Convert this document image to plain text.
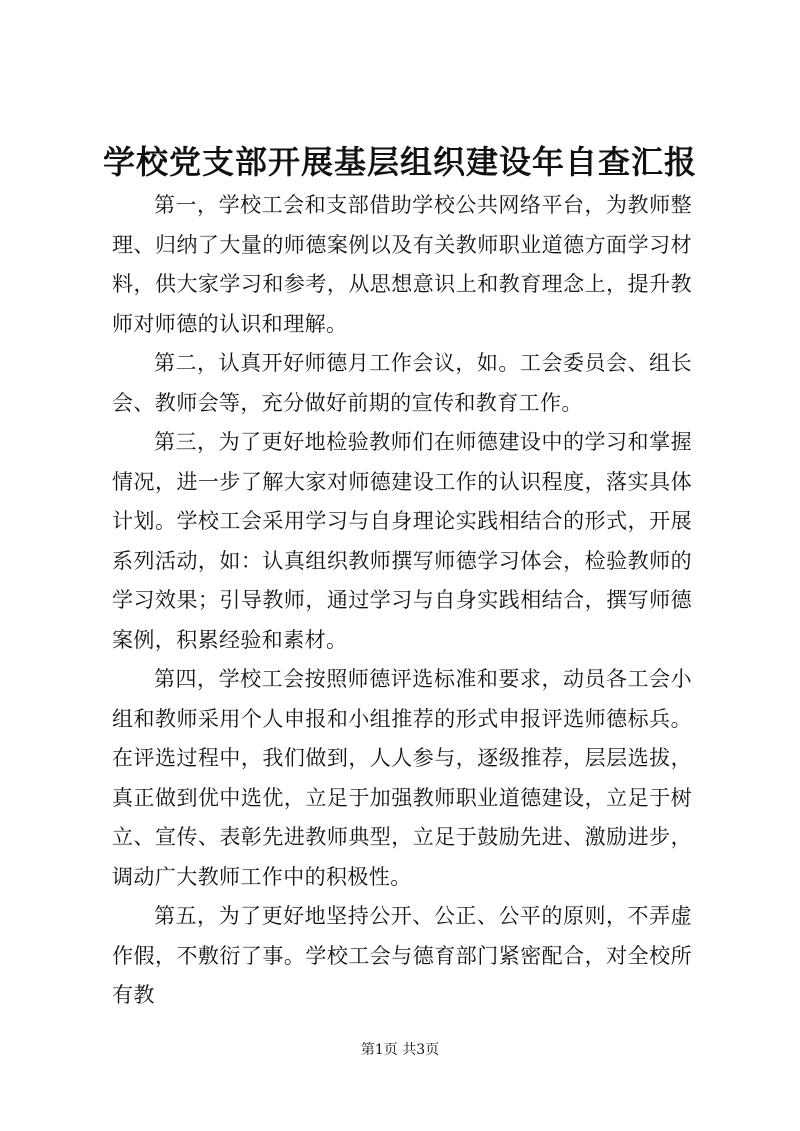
学校党支部开展基层组织建设年自查汇报

第一，学校工会和支部借助学校公共网络平台，为教师整理、归纳了大量的师德案例以及有关教师职业道德方面学习材料，供大家学习和参考，从思想意识上和教育理念上，提升教师对师德的认识和理解。

第二，认真开好师德月工作会议，如。工会委员会、组长会、教师会等，充分做好前期的宣传和教育工作。

第三，为了更好地检验教师们在师德建设中的学习和掌握情况，进一步了解大家对师德建设工作的认识程度，落实具体计划。学校工会采用学习与自身理论实践相结合的形式，开展系列活动，如：认真组织教师撰写师德学习体会，检验教师的学习效果；引导教师，通过学习与自身实践相结合，撰写师德案例，积累经验和素材。

第四，学校工会按照师德评选标准和要求，动员各工会小组和教师采用个人申报和小组推荐的形式申报评选师德标兵。在评选过程中，我们做到，人人参与，逐级推荐，层层选拔，真正做到优中选优，立足于加强教师职业道德建设，立足于树立、宣传、表彰先进教师典型，立足于鼓励先进、激励进步，调动广大教师工作中的积极性。

第五，为了更好地坚持公开、公正、公平的原则，不弄虚作假，不敷衍了事。学校工会与德育部门紧密配合，对全校所有教

第1页 共3页
